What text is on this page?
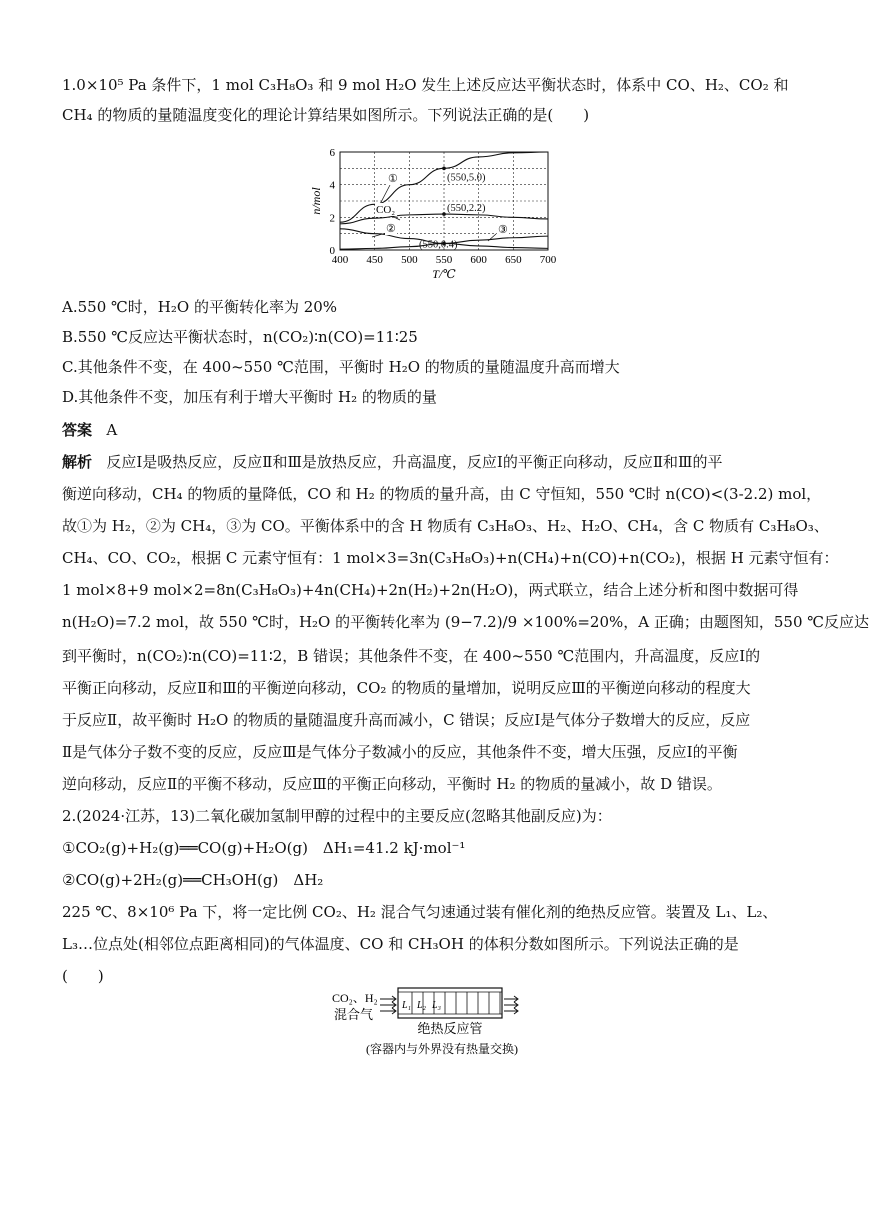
1.0×10⁵ Pa 条件下，1 mol C₃H₈O₃ 和 9 mol H₂O 发生上述反应达平衡状态时，体系中 CO、H₂、CO₂ 和
CH₄ 的物质的量随温度变化的理论计算结果如图所示。下列说法正确的是(　　)
400 450 500 550 600 650 700
0
2
4
6
T/℃
n/mol
(550,5.0)
(550,2.2)
(550,0.4)
①
CO₂
②	③
A.550 ℃时，H₂O 的平衡转化率为 20%
B.550 ℃反应达平衡状态时，n(CO₂)∶n(CO)=11∶25
C.其他条件不变，在 400~550 ℃范围，平衡时 H₂O 的物质的量随温度升高而增大
D.其他条件不变，加压有利于增大平衡时 H₂ 的物质的量
答案 A
解析 反应Ⅰ是吸热反应，反应Ⅱ和Ⅲ是放热反应，升高温度，反应Ⅰ的平衡正向移动，反应Ⅱ和Ⅲ的平
衡逆向移动，CH₄ 的物质的量降低，CO 和 H₂ 的物质的量升高，由 C 守恒知，550 ℃时 n(CO)<(3-2.2) mol，
故①为 H₂，②为 CH₄，③为 CO。平衡体系中的含 H 物质有 C₃H₈O₃、H₂、H₂O、CH₄，含 C 物质有 C₃H₈O₃、
CH₄、CO、CO₂，根据 C 元素守恒有：1 mol×3=3n(C₃H₈O₃)+n(CH₄)+n(CO)+n(CO₂)，根据 H 元素守恒有：
1 mol×8+9 mol×2=8n(C₃H₈O₃)+4n(CH₄)+2n(H₂)+2n(H₂O)，两式联立，结合上述分析和图中数据可得
n(H₂O)=7.2 mol，故 550 ℃时，H₂O 的平衡转化率为 (9−7.2)/9 ×100%=20%，A 正确；由题图知，550 ℃反应达
到平衡时，n(CO₂)∶n(CO)=11∶2，B 错误；其他条件不变，在 400~550 ℃范围内，升高温度，反应Ⅰ的
平衡正向移动，反应Ⅱ和Ⅲ的平衡逆向移动，CO₂ 的物质的量增加，说明反应Ⅲ的平衡逆向移动的程度大
于反应Ⅱ，故平衡时 H₂O 的物质的量随温度升高而减小，C 错误；反应Ⅰ是气体分子数增大的反应，反应
Ⅱ是气体分子数不变的反应，反应Ⅲ是气体分子数减小的反应，其他条件不变，增大压强，反应Ⅰ的平衡
逆向移动，反应Ⅱ的平衡不移动，反应Ⅲ的平衡正向移动，平衡时 H₂ 的物质的量减小，故 D 错误。
2.(2024·江苏，13)二氧化碳加氢制甲醇的过程中的主要反应(忽略其他副反应)为：
①CO₂(g)+H₂(g)══CO(g)+H₂O(g)　ΔH₁=41.2 kJ·mol⁻¹
②CO(g)+2H₂(g)══CH₃OH(g)　ΔH₂
225 ℃、8×10⁶ Pa 下，将一定比例 CO₂、H₂ 混合气匀速通过装有催化剂的绝热反应管。装置及 L₁、L₂、
L₃…位点处(相邻位点距离相同)的气体温度、CO 和 CH₃OH 的体积分数如图所示。下列说法正确的是
(　　)
CO₂、H₂
混合气
L₁ L₂ L₃
绝热反应管
(容器内与外界没有热量交换)
